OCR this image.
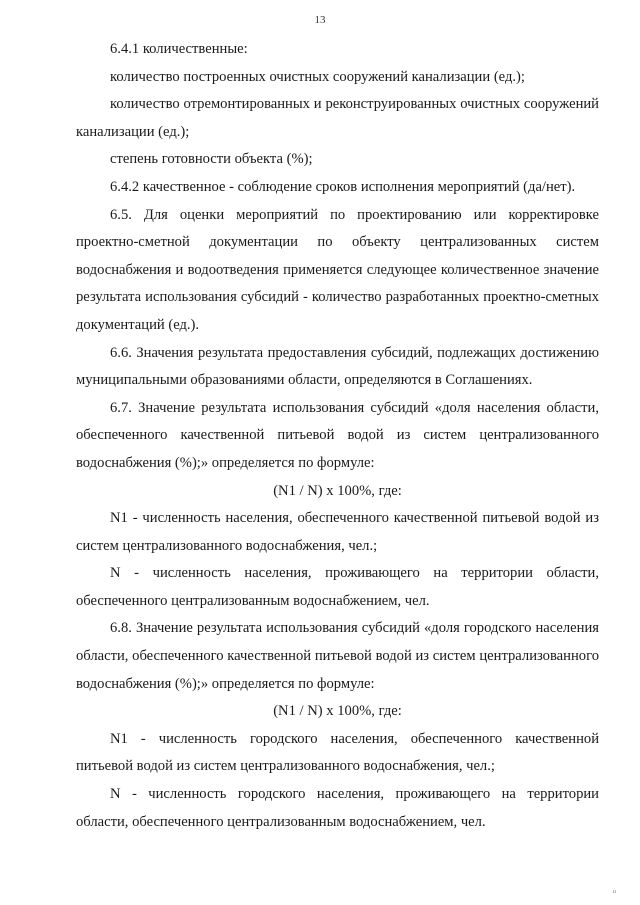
13

6.4.1 количественные:

количество построенных очистных сооружений канализации (ед.);

количество отремонтированных и реконструированных очистных сооружений канализации (ед.);

степень готовности объекта (%);

6.4.2 качественное - соблюдение сроков исполнения мероприятий (да/нет).

6.5. Для оценки мероприятий по проектированию или корректировке проектно-сметной документации по объекту централизованных систем водоснабжения и водоотведения применяется следующее количественное значение результата использования субсидий - количество разработанных проектно-сметных документаций (ед.).

6.6. Значения результата предоставления субсидий, подлежащих достижению муниципальными образованиями области, определяются в Соглашениях.

6.7. Значение результата использования субсидий «доля населения области, обеспеченного качественной питьевой водой из систем централизованного водоснабжения (%);» определяется по формуле:

(N1 / N) x 100%, где:

N1 - численность населения, обеспеченного качественной питьевой водой из систем централизованного водоснабжения, чел.;

N - численность населения, проживающего на территории области, обеспеченного централизованным водоснабжением, чел.

6.8. Значение результата использования субсидий «доля городского населения области, обеспеченного качественной питьевой водой из систем централизованного водоснабжения (%);» определяется по формуле:

(N1 / N) x 100%, где:

N1 - численность городского населения, обеспеченного качественной питьевой водой из систем централизованного водоснабжения, чел.;

N - численность городского населения, проживающего на территории области, обеспеченного централизованным водоснабжением, чел.

ıı
